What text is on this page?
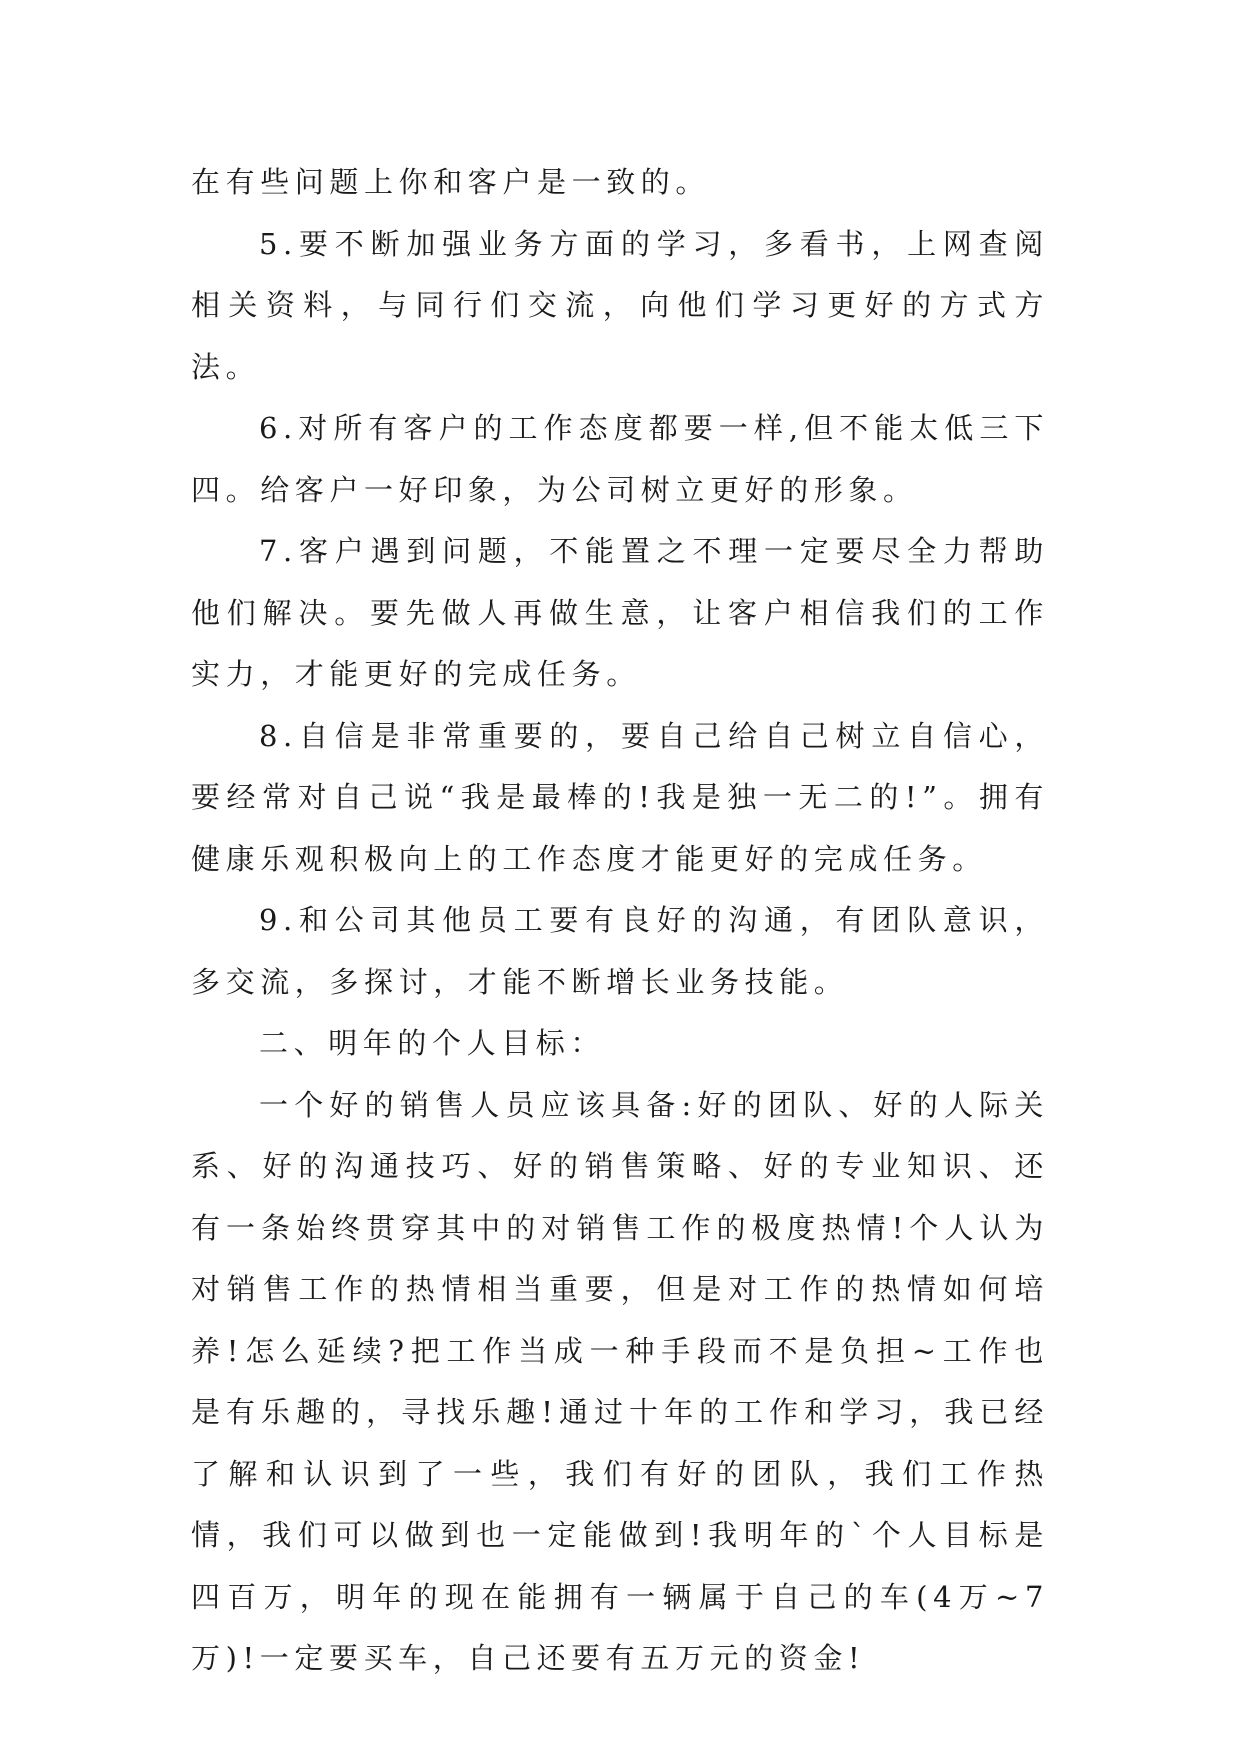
在有些问题上你和客户是一致的。

5.要不断加强业务方面的学习，多看书，上网查阅相关资料，与同行们交流，向他们学习更好的方式方法。

6.对所有客户的工作态度都要一样,但不能太低三下四。给客户一好印象，为公司树立更好的形象。

7.客户遇到问题，不能置之不理一定要尽全力帮助他们解决。要先做人再做生意，让客户相信我们的工作实力，才能更好的完成任务。

8.自信是非常重要的，要自己给自己树立自信心，要经常对自己说“我是最棒的!我是独一无二的!”。拥有健康乐观积极向上的工作态度才能更好的完成任务。

9.和公司其他员工要有良好的沟通，有团队意识，多交流，多探讨，才能不断增长业务技能。

二、明年的个人目标：

一个好的销售人员应该具备:好的团队、好的人际关系、好的沟通技巧、好的销售策略、好的专业知识、还有一条始终贯穿其中的对销售工作的极度热情!个人认为对销售工作的热情相当重要，但是对工作的热情如何培养!怎么延续?把工作当成一种手段而不是负担~工作也是有乐趣的，寻找乐趣!通过十年的工作和学习，我已经了解和认识到了一些，我们有好的团队，我们工作热情，我们可以做到也一定能做到!我明年的`个人目标是四百万，明年的现在能拥有一辆属于自己的车(4万~7万)!一定要买车，自己还要有五万元的资金!
